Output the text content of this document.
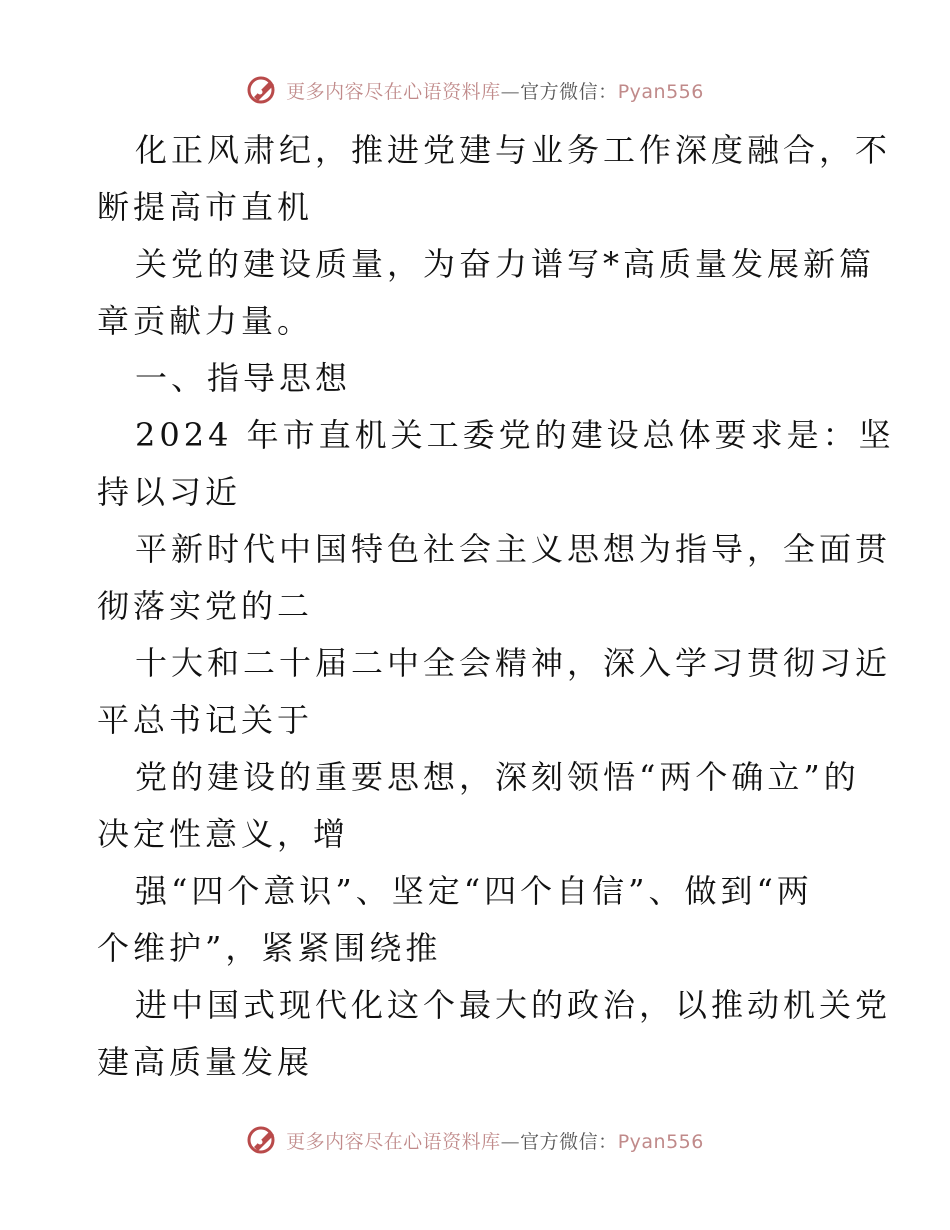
更多内容尽在心语资料库—官方微信：Pyan556
化正风肃纪，推进党建与业务工作深度融合，不
断提高市直机
关党的建设质量，为奋力谱写*高质量发展新篇
章贡献力量。
一、指导思想
2024 年市直机关工委党的建设总体要求是：坚
持以习近
平新时代中国特色社会主义思想为指导，全面贯
彻落实党的二
十大和二十届二中全会精神，深入学习贯彻习近
平总书记关于
党的建设的重要思想，深刻领悟“两个确立”的
决定性意义，增
强“四个意识”、坚定“四个自信”、做到“两
个维护”，紧紧围绕推
进中国式现代化这个最大的政治，以推动机关党
建高质量发展
更多内容尽在心语资料库—官方微信：Pyan556
